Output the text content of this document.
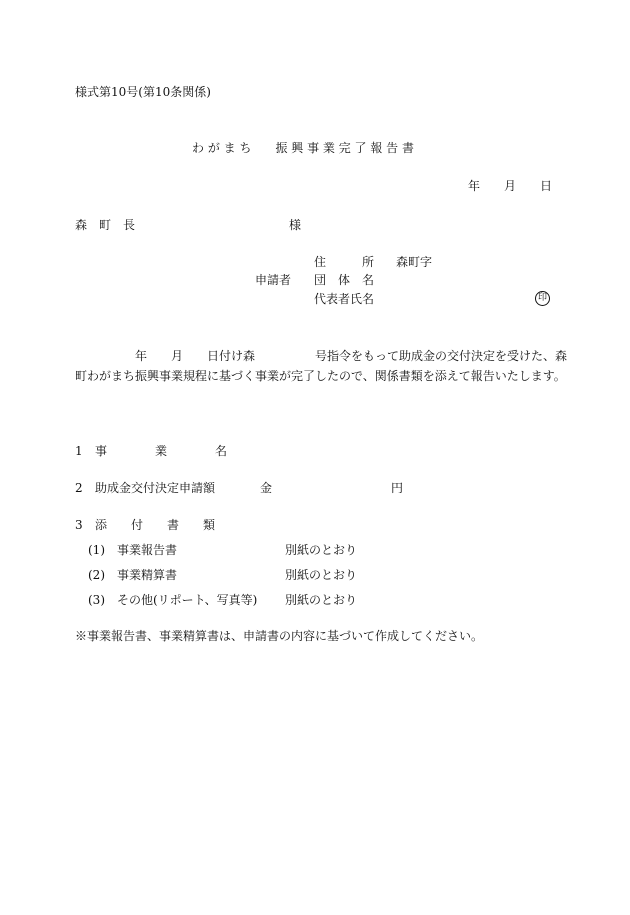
様式第10号(第10条関係)
わ が ま ち　　振 興 事 業 完 了 報 告 書
年　　月　　日
森　町　長	様
住　　　所 森町字
申請者 団　体　名
代表者氏名	印
　　　　　年　　月　　日付け森　　　　　号指令をもって助成金の交付決定を受けた、森
町わがまち振興事業規程に基づく事業が完了したので、関係書類を添えて報告いたします。
1 事　　　　業　　　　名
2 助成金交付決定申請額	金	円
3 添　　付　　書　　類
(1) 事業報告書	別紙のとおり
(2) 事業精算書	別紙のとおり
(3) その他(リポート、写真等) 別紙のとおり
※事業報告書、事業精算書は、申請書の内容に基づいて作成してください。
